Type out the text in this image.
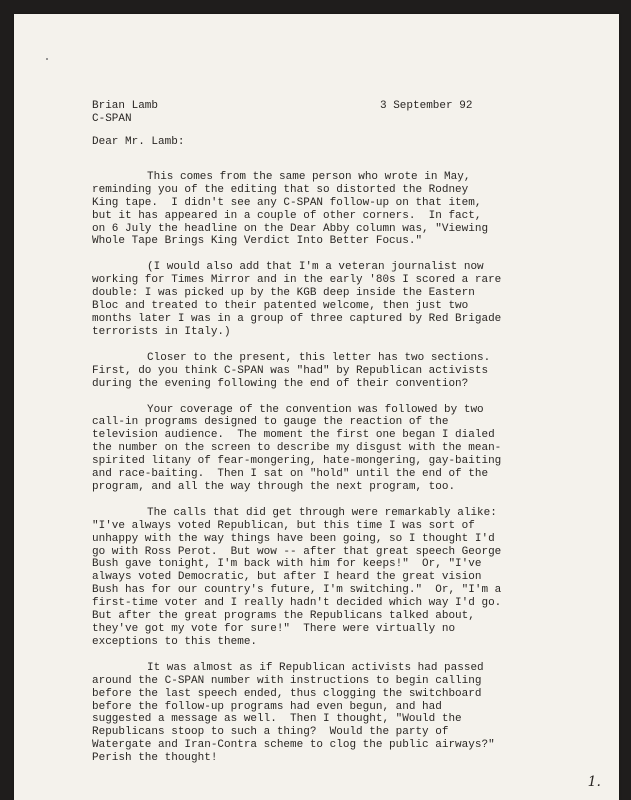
Brian Lamb
C-SPAN
3 September 92
Dear Mr. Lamb:
This comes from the same person who wrote in May,
reminding you of the editing that so distorted the Rodney
King tape.  I didn't see any C-SPAN follow-up on that item,
but it has appeared in a couple of other corners.  In fact,
on 6 July the headline on the Dear Abby column was, "Viewing
Whole Tape Brings King Verdict Into Better Focus."
(I would also add that I'm a veteran journalist now
working for Times Mirror and in the early '80s I scored a rare
double: I was picked up by the KGB deep inside the Eastern
Bloc and treated to their patented welcome, then just two
months later I was in a group of three captured by Red Brigade
terrorists in Italy.)
Closer to the present, this letter has two sections.
First, do you think C-SPAN was "had" by Republican activists
during the evening following the end of their convention?
Your coverage of the convention was followed by two
call-in programs designed to gauge the reaction of the
television audience.  The moment the first one began I dialed
the number on the screen to describe my disgust with the mean-
spirited litany of fear-mongering, hate-mongering, gay-baiting
and race-baiting.  Then I sat on "hold" until the end of the
program, and all the way through the next program, too.
The calls that did get through were remarkably alike:
"I've always voted Republican, but this time I was sort of
unhappy with the way things have been going, so I thought I'd
go with Ross Perot.  But wow -- after that great speech George
Bush gave tonight, I'm back with him for keeps!"  Or, "I've
always voted Democratic, but after I heard the great vision
Bush has for our country's future, I'm switching."  Or, "I'm a
first-time voter and I really hadn't decided which way I'd go.
But after the great programs the Republicans talked about,
they've got my vote for sure!"  There were virtually no
exceptions to this theme.
It was almost as if Republican activists had passed
around the C-SPAN number with instructions to begin calling
before the last speech ended, thus clogging the switchboard
before the follow-up programs had even begun, and had
suggested a message as well.  Then I thought, "Would the
Republicans stoop to such a thing?  Would the party of
Watergate and Iran-Contra scheme to clog the public airways?"
Perish the thought!
1.
